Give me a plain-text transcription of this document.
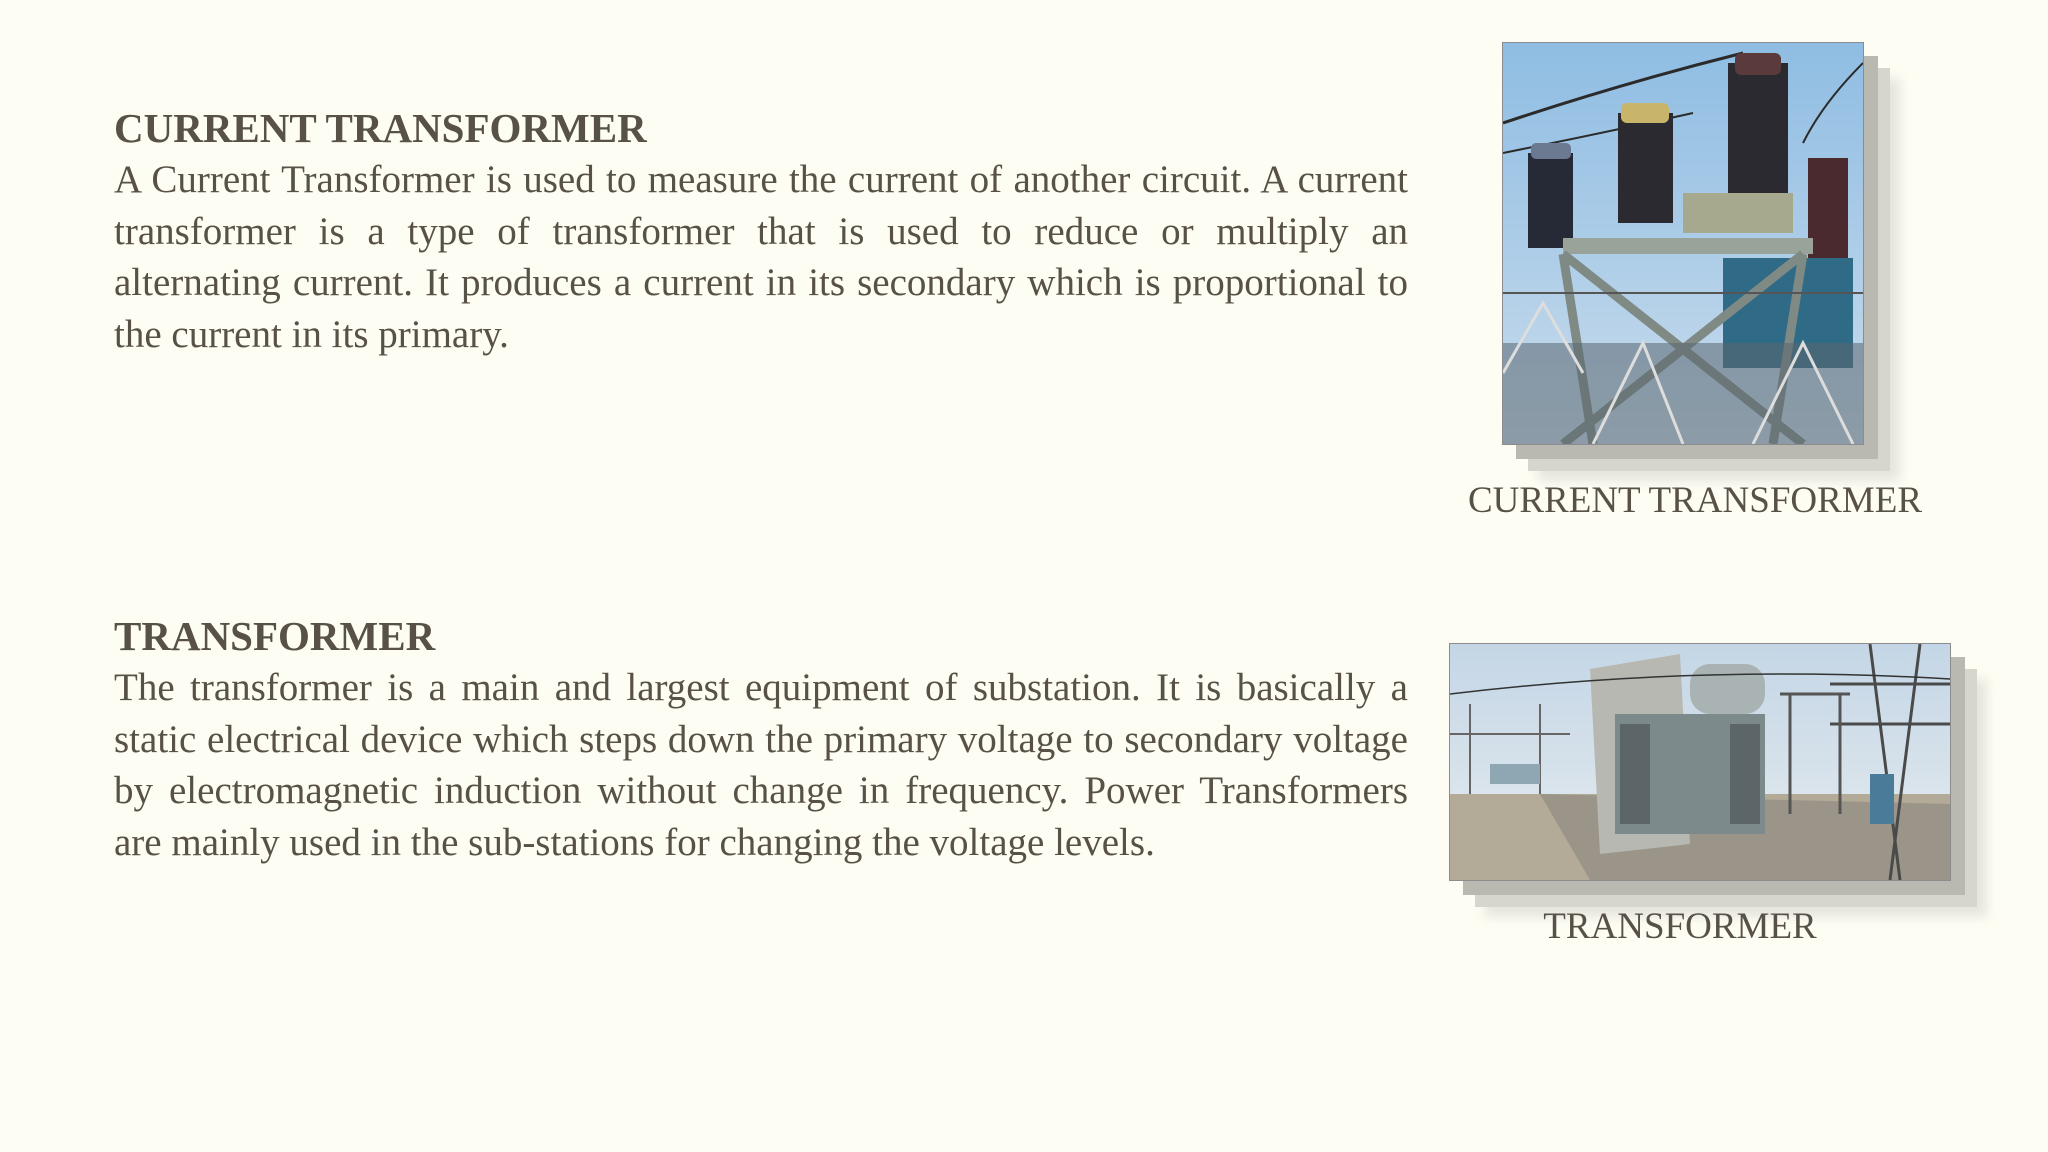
CURRENT TRANSFORMER

A Current Transformer is used to measure the current of another circuit. A current transformer is a type of transformer that is used to reduce or multiply an alternating current. It produces a current in its secondary which is proportional to the current in its primary.

CURRENT TRANSFORMER
TRANSFORMER

The transformer is a main and largest equipment of substation. It is basically a static electrical device which steps down the primary voltage to secondary voltage by electromagnetic induction without change in frequency. Power Transformers are mainly used in the sub-stations for changing the voltage levels.

TRANSFORMER
